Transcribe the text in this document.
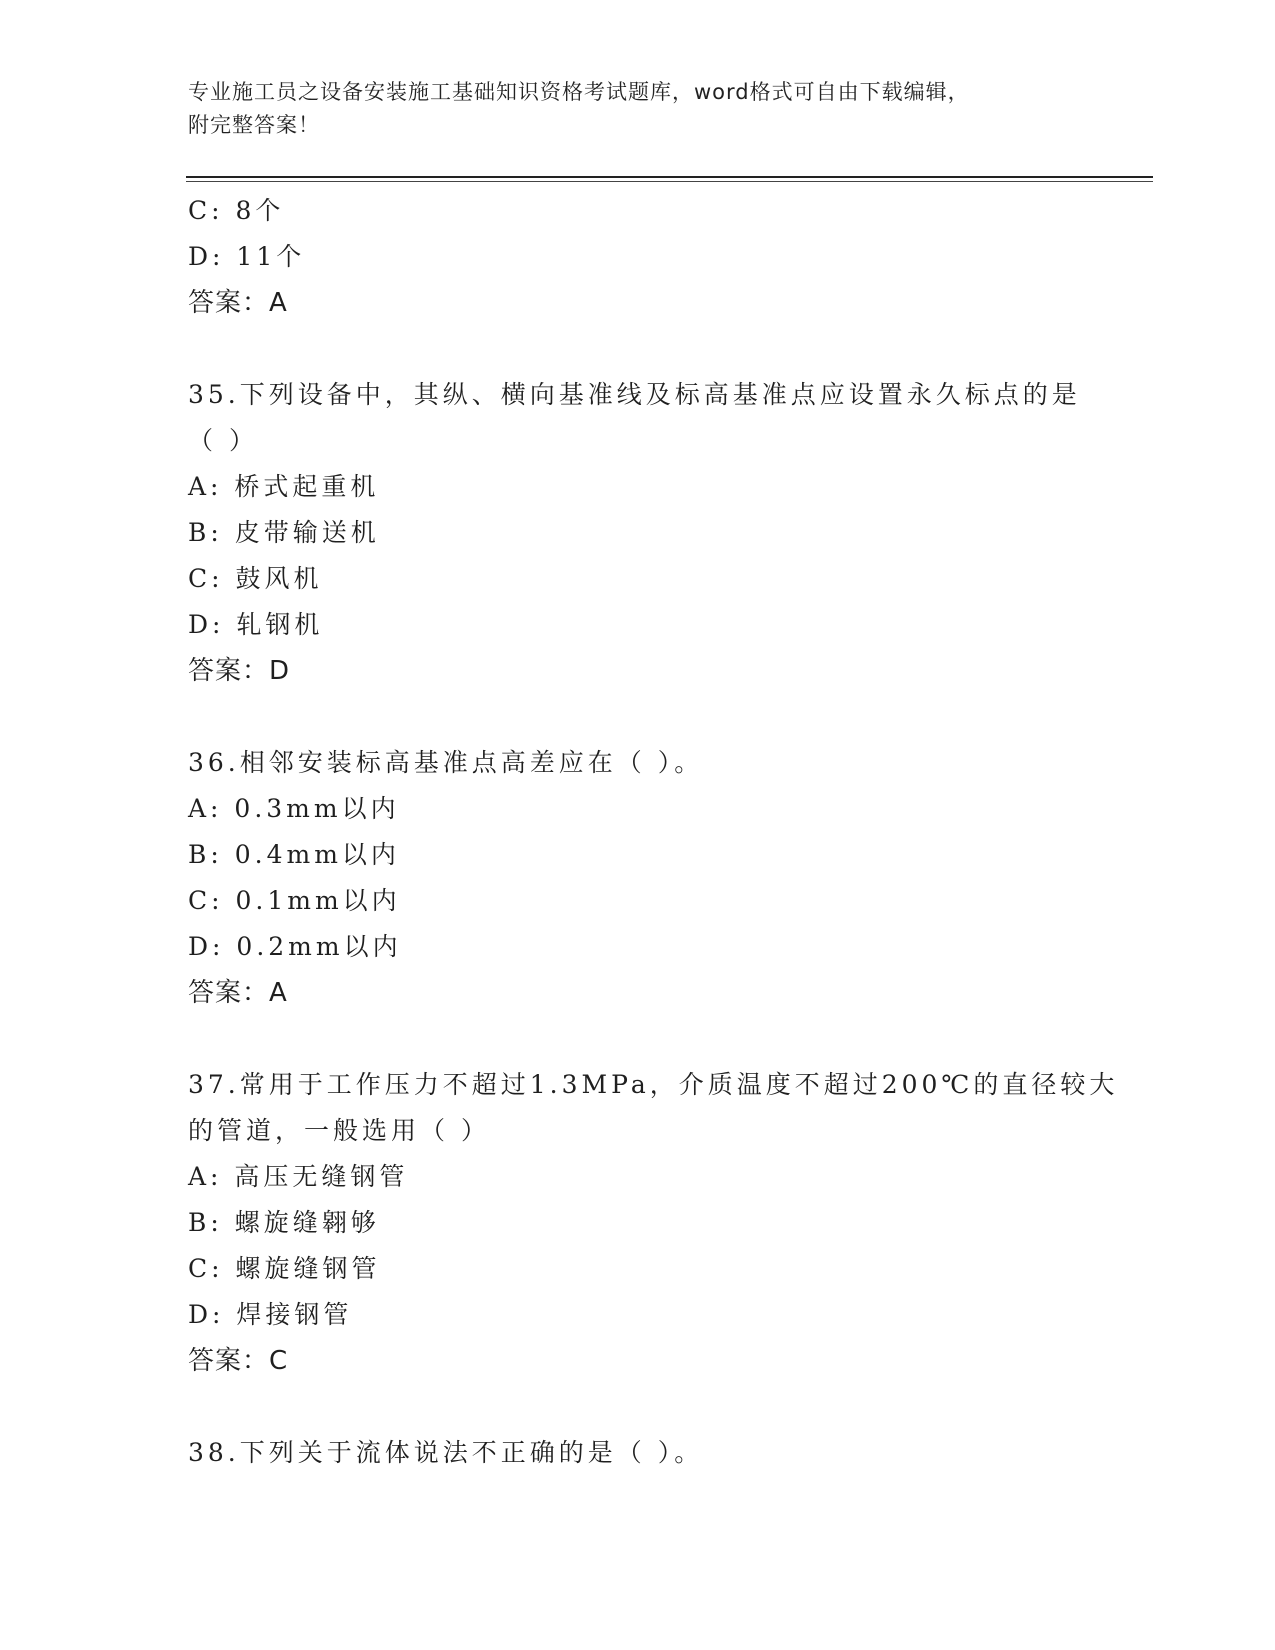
专业施工员之设备安装施工基础知识资格考试题库，word格式可自由下载编辑，
附完整答案！
C: 8个
D: 11个
答案：A
35.下列设备中，其纵、横向基准线及标高基准点应设置永久标点的是
（ ）
A: 桥式起重机
B: 皮带输送机
C: 鼓风机
D: 轧钢机
答案：D
36.相邻安装标高基准点高差应在（ ）。
A: 0.3mm以内
B: 0.4mm以内
C: 0.1mm以内
D: 0.2mm以内
答案：A
37.常用于工作压力不超过1.3MPa，介质温度不超过200℃的直径较大
的管道，一般选用（ ）
A: 高压无缝钢管
B: 螺旋缝翱够
C: 螺旋缝钢管
D: 焊接钢管
答案：C
38.下列关于流体说法不正确的是（ ）。
